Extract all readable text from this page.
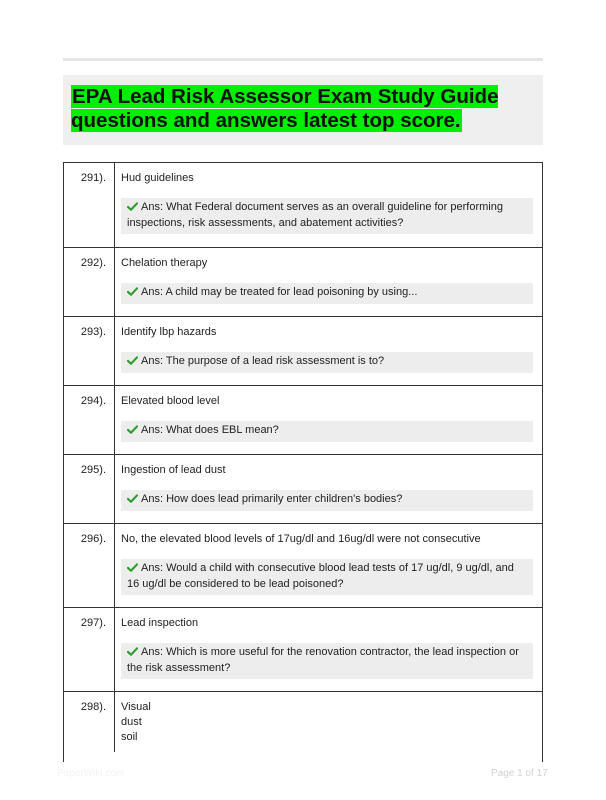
EPA Lead Risk Assessor Exam Study Guide questions and answers latest top score.
291).	Hud guidelines
Ans: What Federal document serves as an overall guideline for performing inspections, risk assessments, and abatement activities?
292).	Chelation therapy
Ans: A child may be treated for lead poisoning by using...
293).	Identify lbp hazards
Ans: The purpose of a lead risk assessment is to?
294).	Elevated blood level
Ans: What does EBL mean?
295).	Ingestion of lead dust
Ans: How does lead primarily enter children's bodies?
296).	No, the elevated blood levels of 17ug/dl and 16ug/dl were not consecutive
Ans: Would a child with consecutive blood lead tests of 17 ug/dl, 9 ug/dl, and 16 ug/dl be considered to be lead poisoned?
297).	Lead inspection
Ans: Which is more useful for the renovation contractor, the lead inspection or the risk assessment?
298).	Visual
dust
soil
PaperWiki.com	Page 1 of 17
